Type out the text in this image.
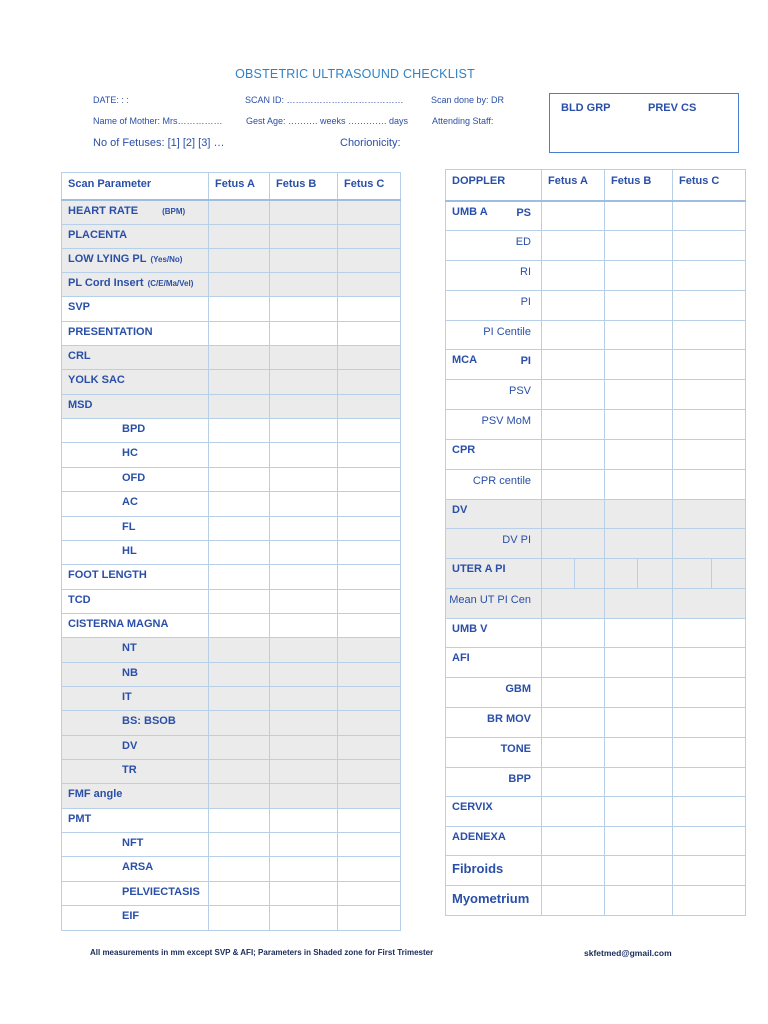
OBSTETRIC ULTRASOUND CHECKLIST
DATE: : :	SCAN ID: …………………………………	Scan done by: DR
Name of Mother: Mrs……………	Gest Age: ………. weeks …………. days	Attending Staff:
No of Fetuses: [1] [2] [3] …	Chorionicity:
BLD GRP	PREV CS
Scan Parameter	Fetus A	Fetus B	Fetus C
HEART RATE (BPM)			
PLACENTA			
LOW LYING PL (Yes/No)			
PL Cord Insert (C/E/Ma/Vel)			
SVP			
PRESENTATION			
CRL			
YOLK SAC			
MSD			
BPD			
HC			
OFD			
AC			
FL			
HL			
FOOT LENGTH			
TCD			
CISTERNA MAGNA			
NT			
NB			
IT			
BS: BSOB			
DV			
TR			
FMF angle			
PMT			
NFT			
ARSA			
PELVIECTASIS			
EIF			
DOPPLER	Fetus A	Fetus B	Fetus C
UMB A PS			

ED			

RI			

PI			

PI Centile			

MCA PI			

PSV			

PSV MoM			

CPR			

CPR centile			

DV			

DV PI			

UTER A PI	

Mean UT PI Cen			

UMB V			
AFI			

GBM			

BR MOV			

TONE			

BPP			

CERVIX			
ADENEXA			
Fibroids			
Myometrium			
All measurements in mm except SVP & AFI; Parameters in Shaded zone for First Trimester	skfetmed@gmail.com
